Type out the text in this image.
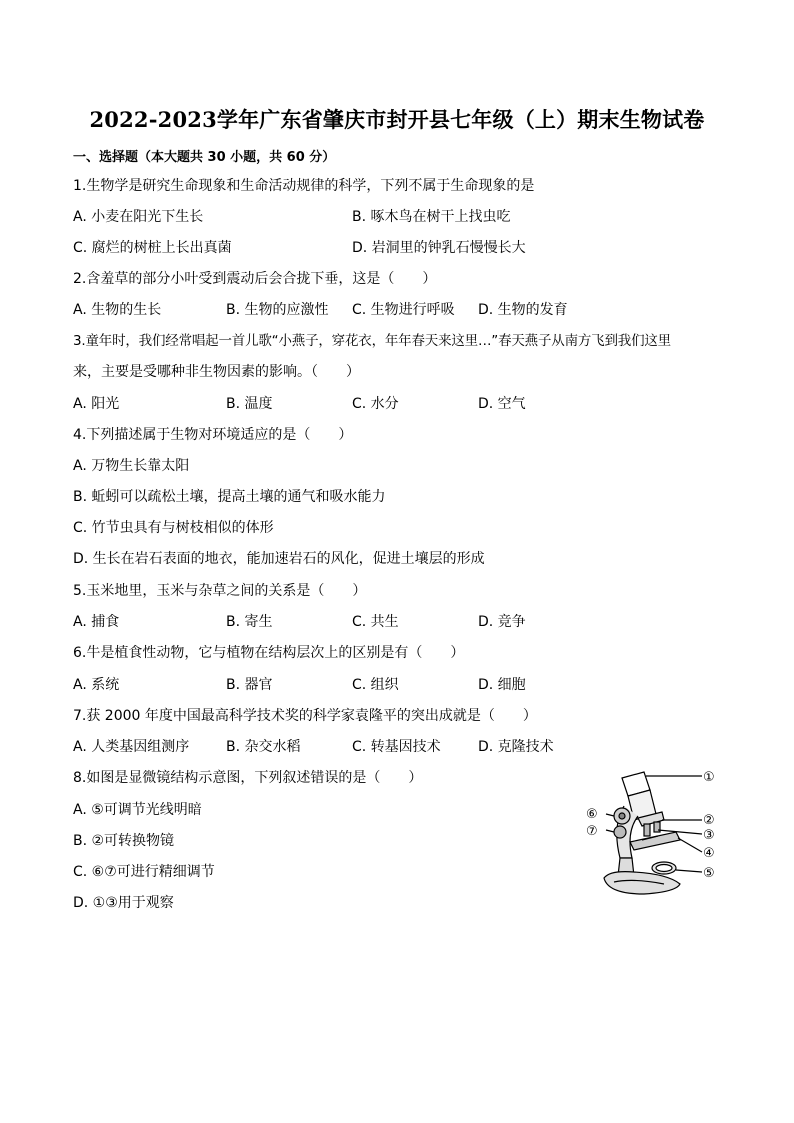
2022-2023学年广东省肇庆市封开县七年级（上）期末生物试卷
一、选择题（本大题共 30 小题，共 60 分）
1.生物学是研究生命现象和生命活动规律的科学，下列不属于生命现象的是
A. 小麦在阳光下生长	B. 啄木鸟在树干上找虫吃
C. 腐烂的树桩上长出真菌	D. 岩洞里的钟乳石慢慢长大
2.含羞草的部分小叶受到震动后会合拢下垂，这是（　　）
A. 生物的生长	B. 生物的应激性 C. 生物进行呼吸 D. 生物的发育
3.童年时，我们经常唱起一首儿歌“小燕子，穿花衣，年年春天来这里…”春天燕子从南方飞到我们这里
来，主要是受哪种非生物因素的影响。（　　）
A. 阳光	B. 温度	C. 水分	D. 空气
4.下列描述属于生物对环境适应的是（　　）
A. 万物生长靠太阳
B. 蚯蚓可以疏松土壤，提高土壤的通气和吸水能力
C. 竹节虫具有与树枝相似的体形
D. 生长在岩石表面的地衣，能加速岩石的风化，促进土壤层的形成
5.玉米地里，玉米与杂草之间的关系是（　　）
A. 捕食	B. 寄生	C. 共生	D. 竞争
6.牛是植食性动物，它与植物在结构层次上的区别是有（　　）
A. 系统	B. 器官	C. 组织	D. 细胞
7.获 2000 年度中国最高科学技术奖的科学家袁隆平的突出成就是（　　）
A. 人类基因组测序	B. 杂交水稻	C. 转基因技术	D. 克隆技术
8.如图是显微镜结构示意图，下列叙述错误的是（　　）
A. ⑤可调节光线明暗
B. ②可转换物镜
C. ⑥⑦可进行精细调节
D. ①③用于观察
①
②
③
④
⑤
⑥
⑦
